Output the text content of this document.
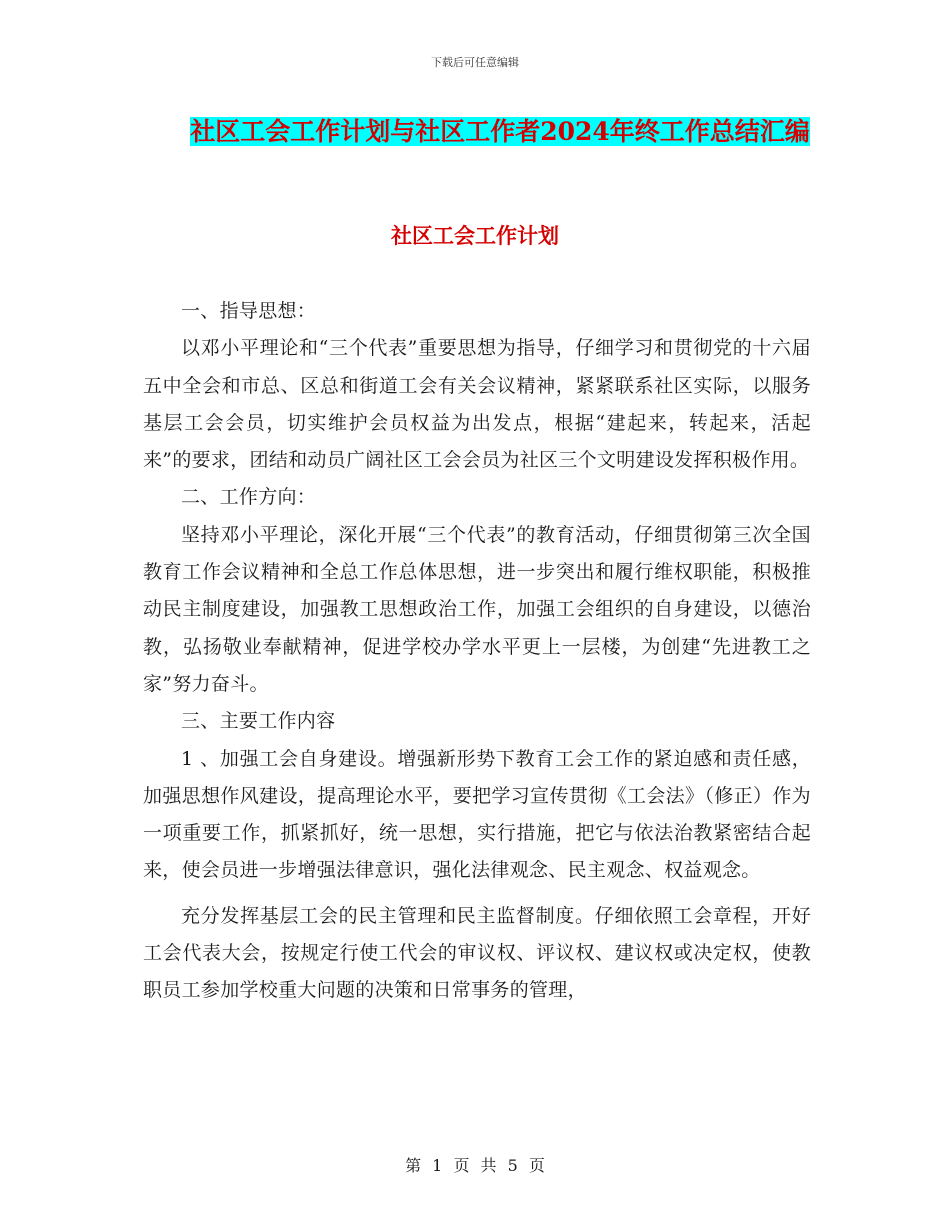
下载后可任意编辑
社区工会工作计划与社区工作者2024年终工作总结汇编
社区工会工作计划

一、指导思想：

以邓小平理论和“三个代表”重要思想为指导，仔细学习和贯彻党的十六届五中全会和市总、区总和街道工会有关会议精神，紧紧联系社区实际，以服务基层工会会员，切实维护会员权益为出发点，根据“建起来，转起来，活起来”的要求，团结和动员广阔社区工会会员为社区三个文明建设发挥积极作用。

二、工作方向：

坚持邓小平理论，深化开展“三个代表”的教育活动，仔细贯彻第三次全国教育工作会议精神和全总工作总体思想，进一步突出和履行维权职能，积极推动民主制度建设，加强教工思想政治工作，加强工会组织的自身建设，以德治教，弘扬敬业奉献精神，促进学校办学水平更上一层楼，为创建“先进教工之家”努力奋斗。

三、主要工作内容

1 、加强工会自身建设。增强新形势下教育工会工作的紧迫感和责任感，加强思想作风建设，提高理论水平，要把学习宣传贯彻《工会法》（修正）作为一项重要工作，抓紧抓好，统一思想，实行措施，把它与依法治教紧密结合起来，使会员进一步增强法律意识，强化法律观念、民主观念、权益观念。

充分发挥基层工会的民主管理和民主监督制度。仔细依照工会章程，开好工会代表大会，按规定行使工代会的审议权、评议权、建议权或决定权，使教职员工参加学校重大问题的决策和日常事务的管理，

第 1 页 共 5 页
